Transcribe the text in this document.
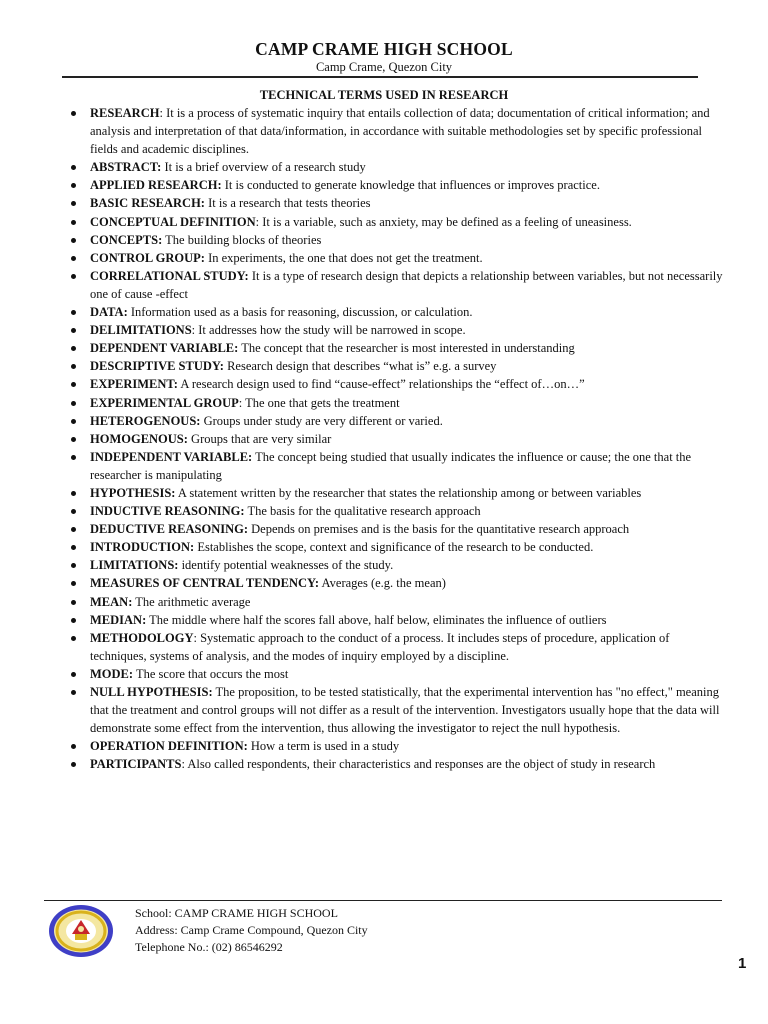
CAMP CRAME HIGH SCHOOL
Camp Crame, Quezon City
TECHNICAL TERMS USED IN RESEARCH
RESEARCH: It is a process of systematic inquiry that entails collection of data; documentation of critical information; and analysis and interpretation of that data/information, in accordance with suitable methodologies set by specific professional fields and academic disciplines.
ABSTRACT: It is a brief overview of a research study
APPLIED RESEARCH: It is conducted to generate knowledge that influences or improves practice.
BASIC RESEARCH: It is a research that tests theories
CONCEPTUAL DEFINITION: It is a variable, such as anxiety, may be defined as a feeling of uneasiness.
CONCEPTS: The building blocks of theories
CONTROL GROUP: In experiments, the one that does not get the treatment.
CORRELATIONAL STUDY: It is a type of research design that depicts a relationship between variables, but not necessarily one of cause -effect
DATA: Information used as a basis for reasoning, discussion, or calculation.
DELIMITATIONS: It addresses how the study will be narrowed in scope.
DEPENDENT VARIABLE: The concept that the researcher is most interested in understanding
DESCRIPTIVE STUDY: Research design that describes “what is” e.g. a survey
EXPERIMENT: A research design used to find “cause-effect” relationships the “effect of…on…”
EXPERIMENTAL GROUP: The one that gets the treatment
HETEROGENOUS: Groups under study are very different or varied.
HOMOGENOUS: Groups that are very similar
INDEPENDENT VARIABLE: The concept being studied that usually indicates the influence or cause; the one that the researcher is manipulating
HYPOTHESIS: A statement written by the researcher that states the relationship among or between variables
INDUCTIVE REASONING: The basis for the qualitative research approach
DEDUCTIVE REASONING: Depends on premises and is the basis for the quantitative research approach
INTRODUCTION: Establishes the scope, context and significance of the research to be conducted.
LIMITATIONS: identify potential weaknesses of the study.
MEASURES OF CENTRAL TENDENCY: Averages (e.g. the mean)
MEAN: The arithmetic average
MEDIAN: The middle where half the scores fall above, half below, eliminates the influence of outliers
METHODOLOGY: Systematic approach to the conduct of a process. It includes steps of procedure, application of techniques, systems of analysis, and the modes of inquiry employed by a discipline.
MODE: The score that occurs the most
NULL HYPOTHESIS: The proposition, to be tested statistically, that the experimental intervention has "no effect," meaning that the treatment and control groups will not differ as a result of the intervention. Investigators usually hope that the data will demonstrate some effect from the intervention, thus allowing the investigator to reject the null hypothesis.
OPERATION DEFINITION: How a term is used in a study
PARTICIPANTS: Also called respondents, their characteristics and responses are the object of study in research
School: CAMP CRAME HIGH SCHOOL
Address: Camp Crame Compound, Quezon City
Telephone No.: (02) 86546292
1
